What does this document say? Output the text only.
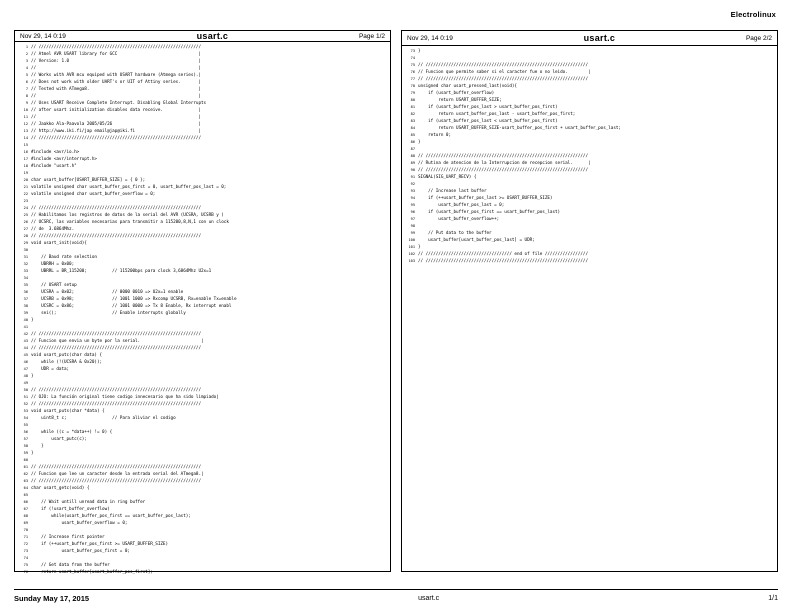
Electrolinux
Nov 29, 14 0:19	usart.c	Page 1/2
1 // ////////////////////////////////////////////////////////////////
2 // Atmel AVR USART library for GCC                                |
3 // Version: 1.0                                                   |
4 //                                                                |
5 // Works with AVR mcu equiped with USART hardware (Atmega series).|
6 // Does not work with older UART's or UIT of Attiny series.       |
7 // Tested with ATmega8.                                           |
8 //                                                                |
9 // Uses USART Receive Complete Interrupt. Disabling Global Interrupts
10 // after usart initialization disables data receive.              |
11 //                                                                |
12 // Jaakko Ala-Paavola 2005/05/26                                  |
13 // http://www.iki.fi/jap email@jap@iki.fi                         |
14 // ////////////////////////////////////////////////////////////////
15
16 #include <avr/io.h>
17 #include <avr/interrupt.h>
18 #include "usart.h"
19
20 char usart_buffer[USART_BUFFER_SIZE] = { 0 };
21 volatile unsigned char usart_buffer_pos_first = 0, usart_buffer_pos_last = 0;
22 volatile unsigned char usart_buffer_overflow = 0;
23
24 // ////////////////////////////////////////////////////////////////
25 // Habilitamos los registros de datos de la serial del AVR (UCSRA, UCSRB y )
26 // UCSRC, las variables necesarias para transmitir a 115200,8,N,1 con un clock
27 // de  3.6864Mhz.
28 // ////////////////////////////////////////////////////////////////
29 void usart_init(void){
30
31 // Baud rate selection
32 UBRRH = 0x00;
33 UBRRL = BR_115200;          // 115200bps para clock 3,6864Mhz U2x=1
34
35 // USART setup
36 UCSRA = 0x02;               // 0000 0010 => U2x=1 enable
37 UCSRB = 0x98;               // 1001 1000 => Rxcomp UCSRB, Rx=enable Tx=enable
38 UCSRC = 0x86;               // 1001 0000 => Tx 8 Enable, Rx interrupt enabl
39 sei();                      // Enable interrupts globally
40 }
41
42 // ////////////////////////////////////////////////////////////////
43 // Funcion que envia un byte por la serial.                        |
44 // ////////////////////////////////////////////////////////////////
45 void usart_putc(char data) {
46 while (!(UCSRA & 0x20));
47 UDR = data;
48 }
49
50 // ////////////////////////////////////////////////////////////////
51 // OJO: La función original tiene codigo innecesario que ha sido limpiado|
52 // ////////////////////////////////////////////////////////////////
53 void usart_puts(char *data) {
54 uint8_t c;                  // Para aliviar el codigo
55
56 while ((c = *data++) != 0) {
57 usart_putc(c);
58 }
59 }
60
61 // ////////////////////////////////////////////////////////////////
62 // Funcion que lee un caracter desde la entrada serial del ATmega8.|
63 // ////////////////////////////////////////////////////////////////
64 char usart_getc(void) {
65
66 // Wait untill unread data in ring buffer
67 if (!usart_buffer_overflow)
68 while(usart_buffer_pos_first == usart_buffer_pos_last);
69 usart_buffer_overflow = 0;
70
71 // Increase first pointer
72 if (++usart_buffer_pos_first >= USART_BUFFER_SIZE)
73 usart_buffer_pos_first = 0;
74
75 // Get data from the buffer
76 return usart_buffer[usart_buffer_pos_first];
Nov 29, 14 0:19	usart.c	Page 2/2
73 }
74
75 // ////////////////////////////////////////////////////////////////
76 // Funcion que permite saber si el caracter fue o no leido.        |
77 // ////////////////////////////////////////////////////////////////
78 unsigned char usart_pressed_last(void){
79 if (usart_buffer_overflow)
80 return USART_BUFFER_SIZE;
81 if (usart_buffer_pos_last > usart_buffer_pos_first)
82 return usart_buffer_pos_last - usart_buffer_pos_first;
83 if (usart_buffer_pos_last < usart_buffer_pos_first)
84 return USART_BUFFER_SIZE-usart_buffer_pos_first + usart_buffer_pos_last;
85 return 0;
86 }
87
88 // ////////////////////////////////////////////////////////////////
89 // Rutina de atencion de la Interrupcion de recepcion serial.      |
90 // ////////////////////////////////////////////////////////////////
91 SIGNAL(SIG_UART_RECV) {
92
93 // Increase last buffer
94 if (++usart_buffer_pos_last >= USART_BUFFER_SIZE)
95 usart_buffer_pos_last = 0;
96 if (usart_buffer_pos_first == usart_buffer_pos_last)
97 usart_buffer_overflow++;
98
99 // Put data to the buffer
100 usart_buffer[usart_buffer_pos_last] = UDR;
101 }
102 // ////////////////////////////////// end of file /////////////////
103 // ////////////////////////////////////////////////////////////////
Sunday May 17, 2015	usart.c	1/1
